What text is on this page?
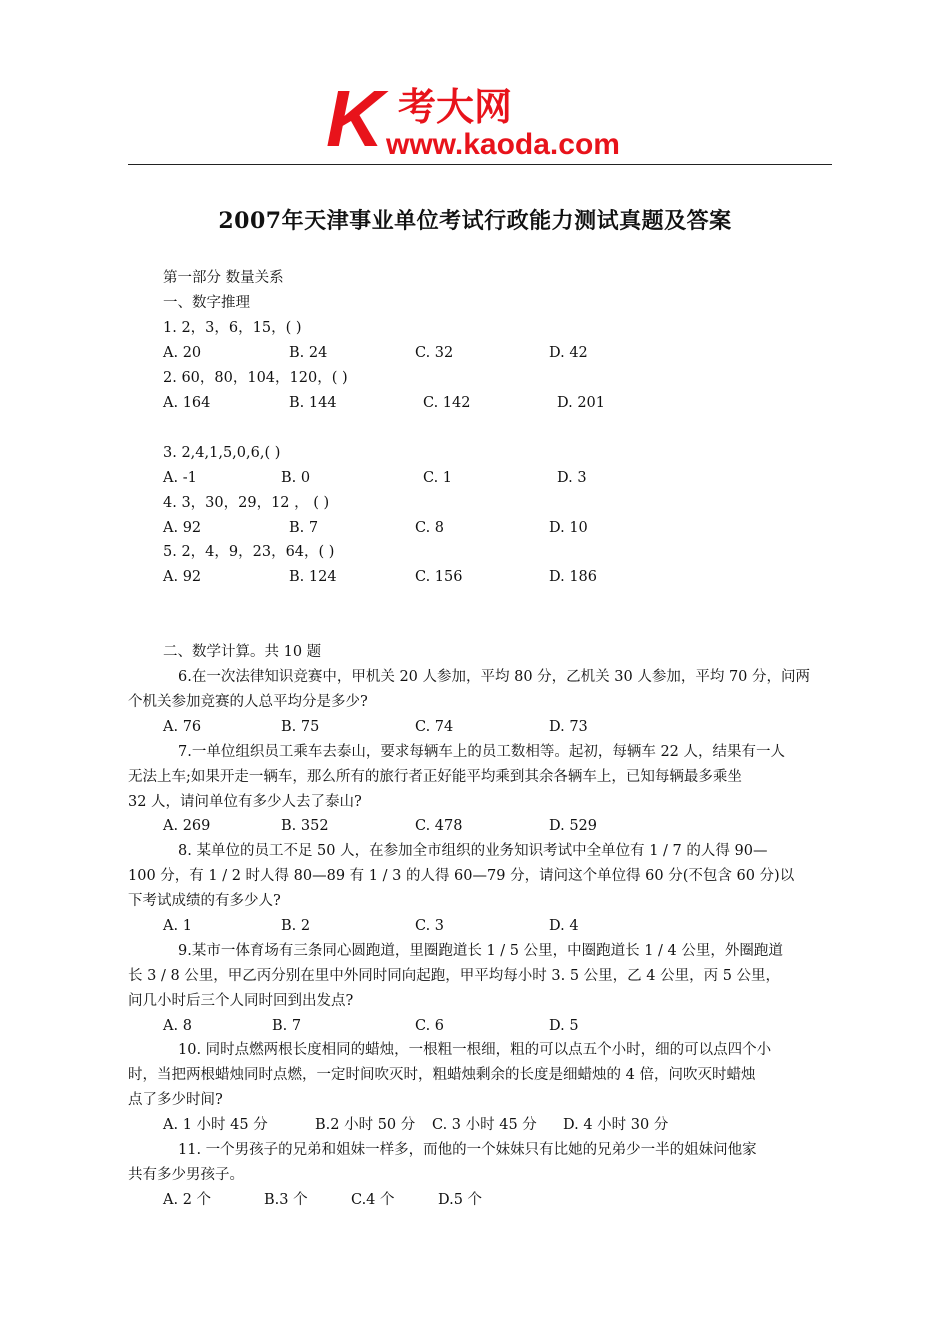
K 考大网
www.kaoda.com
2007年天津事业单位考试行政能力测试真题及答案
第一部分 数量关系
一、数字推理
1. 2，3，6，15，( )
A. 20	B. 24	C. 32	D. 42
2. 60，80，104，120，( )
A. 164	B. 144	C. 142	D. 201
3. 2,4,1,5,0,6,( )
A. -1	B. 0	C. 1	D. 3
4. 3，30，29，12 ， ( )
A. 92	B. 7	C. 8	D. 10
5. 2，4，9，23，64，( )
A. 92	B. 124	C. 156	D. 186
二、数学计算。共 10 题
6.在一次法律知识竞赛中，甲机关 20 人参加，平均 80 分，乙机关 30 人参加，平均 70 分，问两
个机关参加竞赛的人总平均分是多少?
A. 76	B. 75	C. 74	D. 73
7.一单位组织员工乘车去泰山，要求每辆车上的员工数相等。起初，每辆车 22 人，结果有一人
无法上车;如果开走一辆车，那么所有的旅行者正好能平均乘到其余各辆车上，已知每辆最多乘坐
32 人，请问单位有多少人去了泰山?
A. 269	B. 352	C. 478	D. 529
8. 某单位的员工不足 50 人，在参加全市组织的业务知识考试中全单位有 1 / 7 的人得 90—
100 分，有 1 / 2 时人得 80—89 有 1 / 3 的人得 60—79 分，请问这个单位得 60 分(不包含 60 分)以
下考试成绩的有多少人?
A. 1	B. 2	C. 3	D. 4
9.某市一体育场有三条同心圆跑道，里圈跑道长 1 / 5 公里，中圈跑道长 1 / 4 公里，外圈跑道
长 3 / 8 公里，甲乙丙分别在里中外同时同向起跑，甲平均每小时 3. 5 公里，乙 4 公里，丙 5 公里，
问几小时后三个人同时回到出发点?
A. 8	B. 7	C. 6	D. 5
10. 同时点燃两根长度相同的蜡烛，一根粗一根细，粗的可以点五个小时，细的可以点四个小
时，当把两根蜡烛同时点燃，一定时间吹灭时，粗蜡烛剩余的长度是细蜡烛的 4 倍，问吹灭时蜡烛
点了多少时间?
A. 1 小时 45 分	B.2 小时 50 分 C. 3 小时 45 分 D. 4 小时 30 分
11. 一个男孩子的兄弟和姐妹一样多，而他的一个妹妹只有比她的兄弟少一半的姐妹问他家
共有多少男孩子。
A. 2 个	B.3 个	C.4 个	D.5 个
